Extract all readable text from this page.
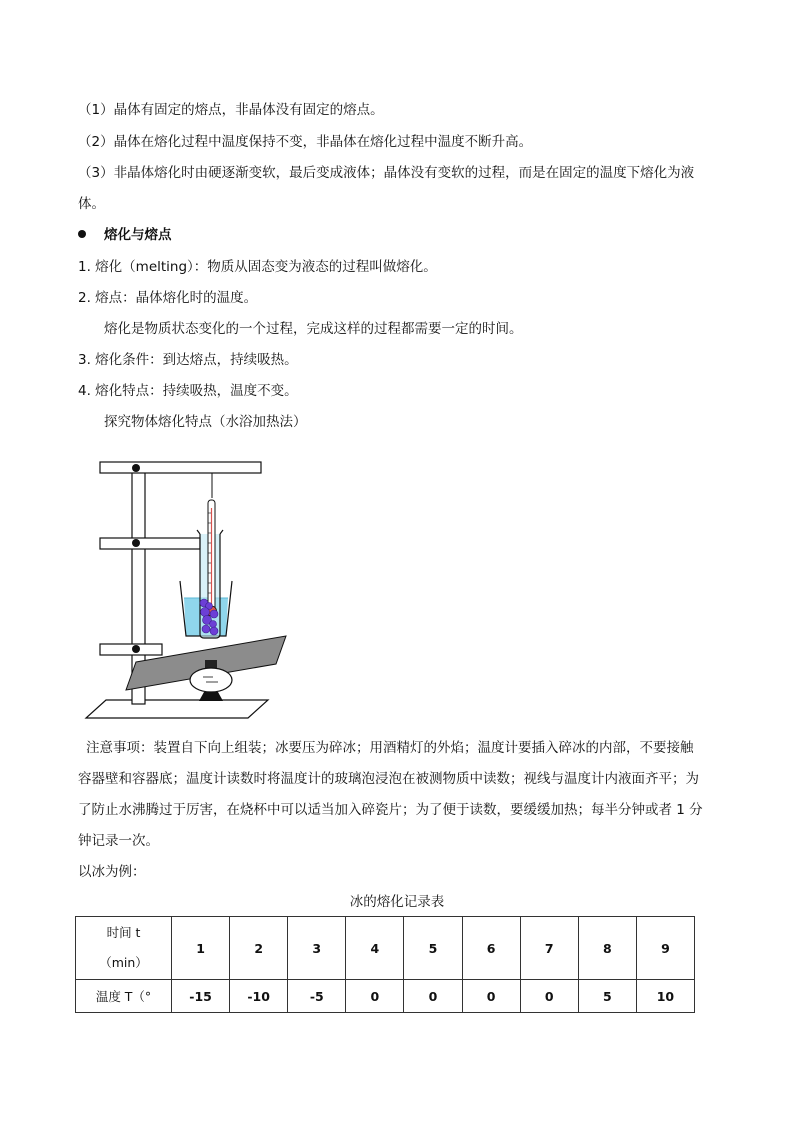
（1）晶体有固定的熔点，非晶体没有固定的熔点。
（2）晶体在熔化过程中温度保持不变，非晶体在熔化过程中温度不断升高。
（3）非晶体熔化时由硬逐渐变软，最后变成液体；晶体没有变软的过程，而是在固定的温度下熔化为液
体。
熔化与熔点
1. 熔化（melting）：物质从固态变为液态的过程叫做熔化。
2. 熔点：晶体熔化时的温度。
熔化是物质状态变化的一个过程，完成这样的过程都需要一定的时间。
3. 熔化条件：到达熔点，持续吸热。
4. 熔化特点：持续吸热，温度不变。
探究物体熔化特点（水浴加热法）
注意事项：装置自下向上组装；冰要压为碎冰；用酒精灯的外焰；温度计要插入碎冰的内部，不要接触
容器壁和容器底；温度计读数时将温度计的玻璃泡浸泡在被测物质中读数；视线与温度计内液面齐平；为
了防止水沸腾过于厉害，在烧杯中可以适当加入碎瓷片；为了便于读数，要缓缓加热；每半分钟或者 1 分
钟记录一次。
以冰为例：
冰的熔化记录表
时间 t
（min）	1	2	3	4	5	6	7	8	9
温度 T（°	-15	-10	-5	0	0	0	0	5	10
